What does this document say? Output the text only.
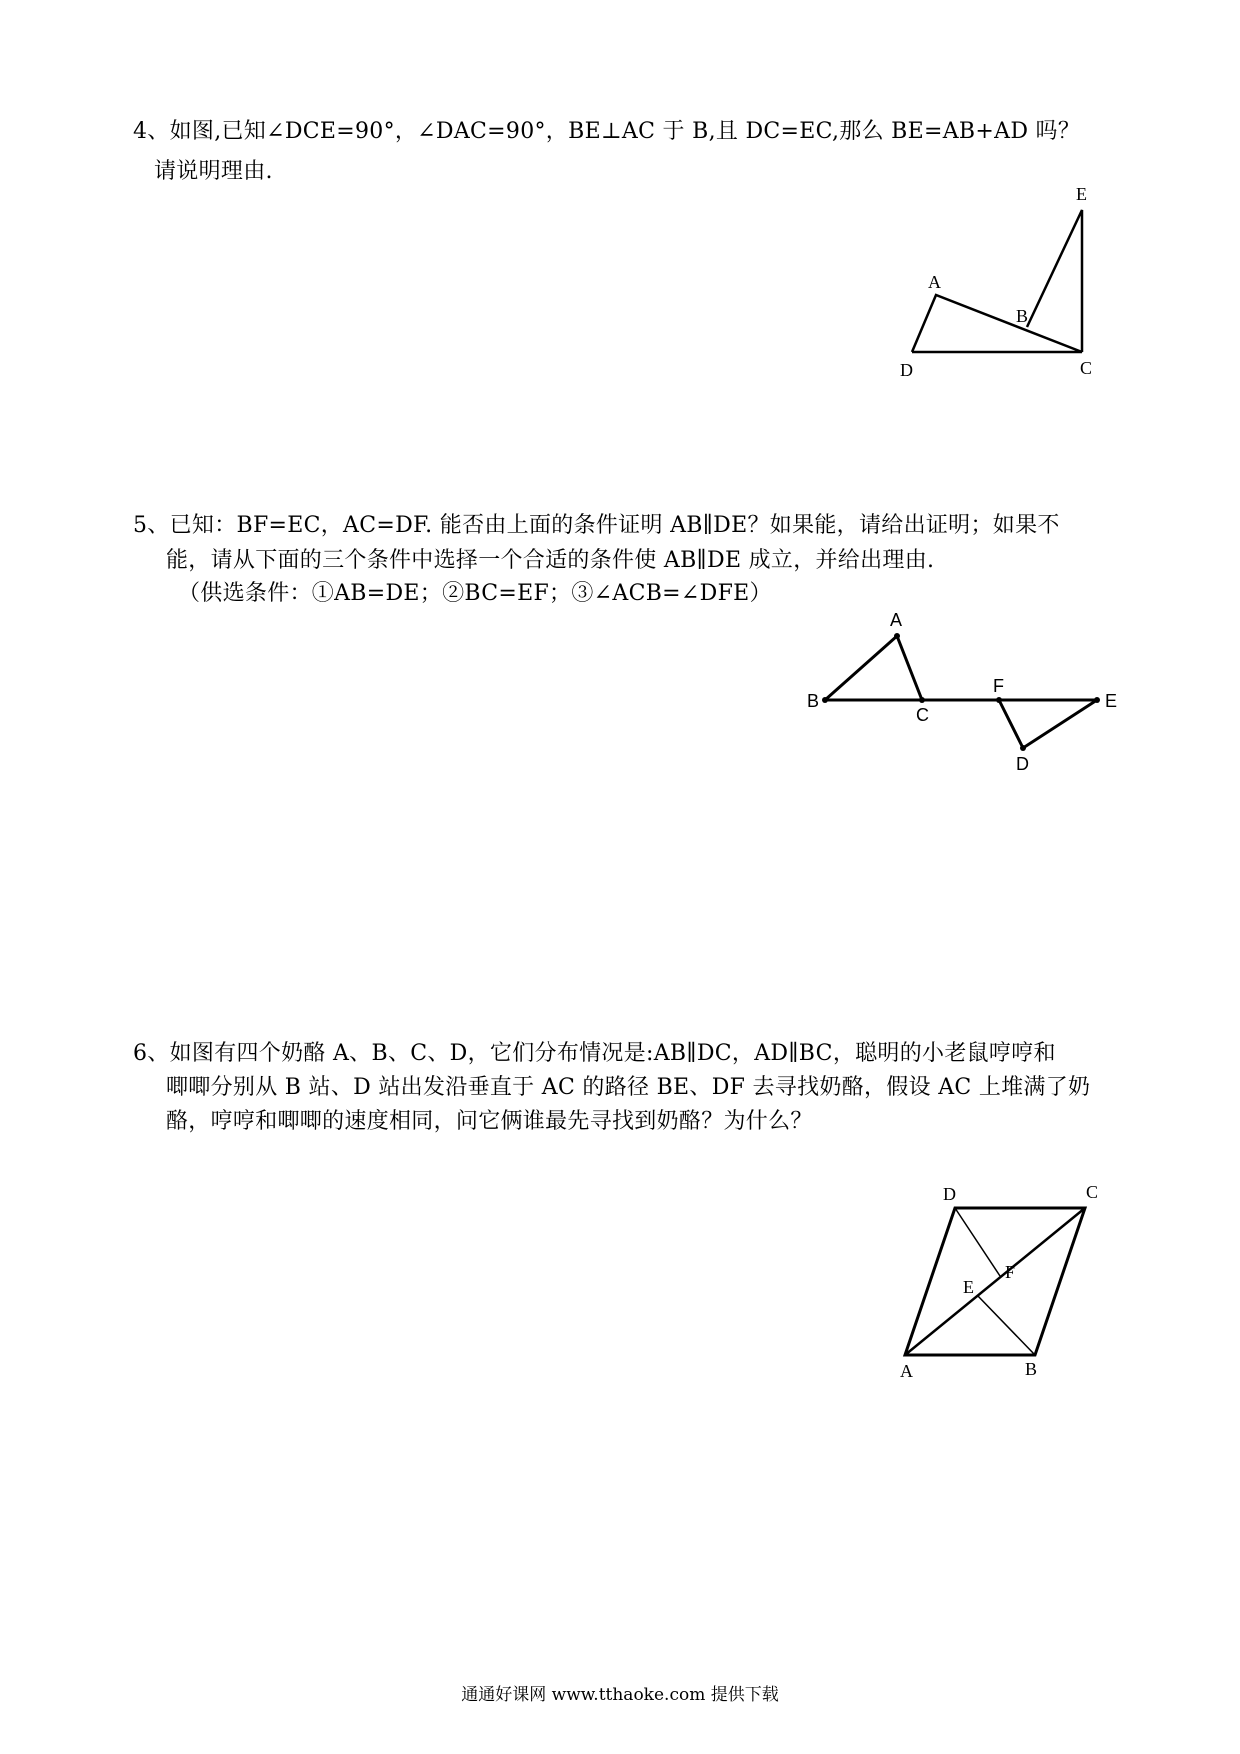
4、如图,已知∠DCE=90°，∠DAC=90°，BE⊥AC 于 B,且 DC=EC,那么 BE=AB+AD 吗？
请说明理由.
E
A
B
D	C
5、已知：BF=EC，AC=DF. 能否由上面的条件证明 AB∥DE？如果能，请给出证明；如果不
能，请从下面的三个条件中选择一个合适的条件使 AB∥DE 成立，并给出理由.
（供选条件：①AB=DE；②BC=EF；③∠ACB=∠DFE）
A
B
C
F
E
D
6、如图有四个奶酪 A、B、C、D，它们分布情况是:AB∥DC，AD∥BC，聪明的小老鼠哼哼和
唧唧分别从 B 站、D 站出发沿垂直于 AC 的路径 BE、DF 去寻找奶酪，假设 AC 上堆满了奶
酪，哼哼和唧唧的速度相同，问它俩谁最先寻找到奶酪？为什么？
D	C
E
F
A	B
通通好课网 www.tthaoke.com 提供下载
